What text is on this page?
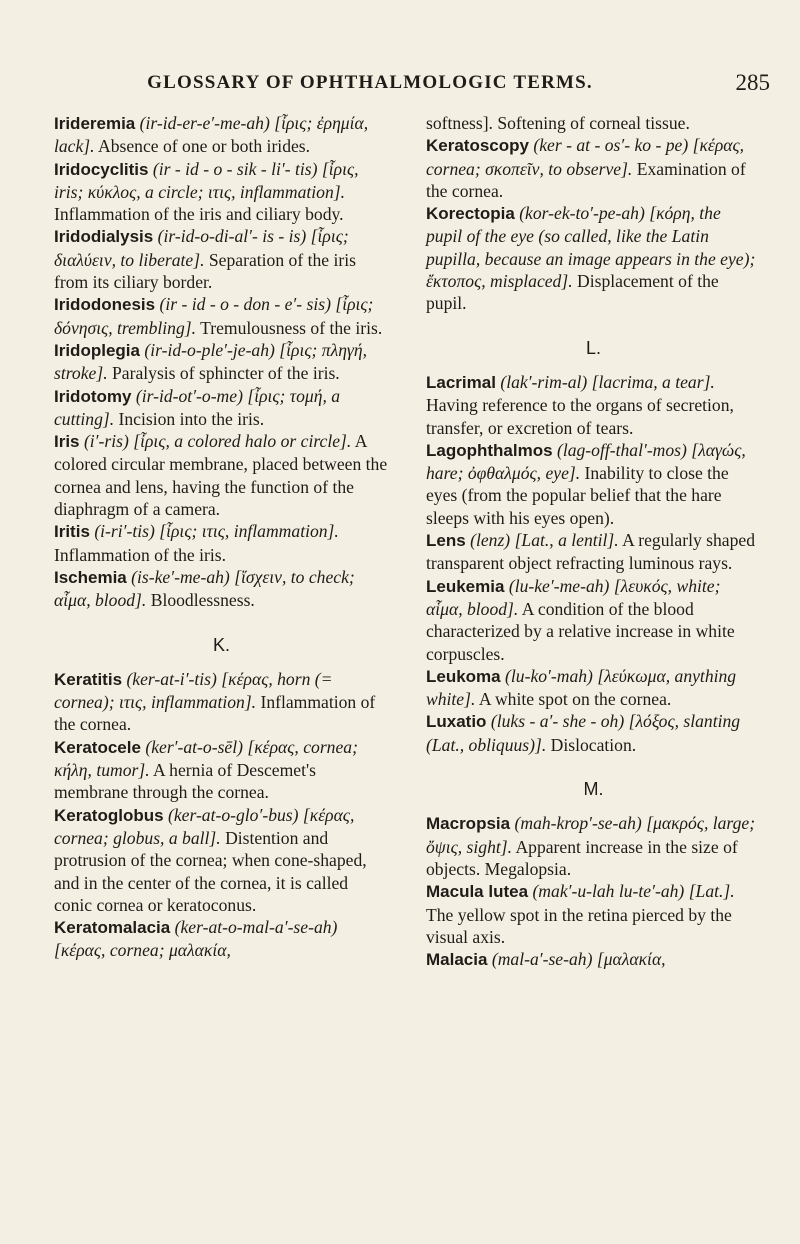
GLOSSARY OF OPHTHALMOLOGIC TERMS.	285

Irideremia (ir-id-er-e′-me-ah) [ἶρις; ἐρημία, lack]. Absence of one or both irides.

Iridocyclitis (ir - id - o - sik - li′- tis) [ἶρις, iris; κύκλος, a circle; ιτις, inflammation]. Inflammation of the iris and ciliary body.

Iridodialysis (ir-id-o-di-al′- is - is) [ἶρις; διαλύειν, to liberate]. Separation of the iris from its ciliary border.

Iridodonesis (ir - id - o - don - e′- sis) [ἶρις; δόνησις, trembling]. Tremulousness of the iris.

Iridoplegia (ir-id-o-ple′-je-ah) [ἶρις; πληγή, stroke]. Paralysis of sphincter of the iris.

Iridotomy (ir-id-ot′-o-me) [ἶρις; τομή, a cutting]. Incision into the iris.

Iris (i′-ris) [ἶρις, a colored halo or circle]. A colored circular membrane, placed between the cornea and lens, having the function of the diaphragm of a camera.

Iritis (i-ri′-tis) [ἶρις; ιτις, inflammation]. Inflammation of the iris.

Ischemia (is-ke′-me-ah) [ἴσχειν, to check; αἷμα, blood]. Bloodlessness.

K.

Keratitis (ker-at-i′-tis) [κέρας, horn (= cornea); ιτις, inflammation]. Inflammation of the cornea.

Keratocele (ker′-at-o-sēl) [κέρας, cornea; κήλη, tumor]. A hernia of Descemet's membrane through the cornea.

Keratoglobus (ker-at-o-glo′-bus) [κέρας, cornea; globus, a ball]. Distention and protrusion of the cornea; when cone-shaped, and in the center of the cornea, it is called conic cornea or keratoconus.

Keratomalacia (ker-at-o-mal-a′-se-ah) [κέρας, cornea; μαλακία,

softness]. Softening of corneal tissue.

Keratoscopy (ker - at - os′- ko - pe) [κέρας, cornea; σκοπεῖν, to observe]. Examination of the cornea.

Korectopia (kor-ek-to′-pe-ah) [κόρη, the pupil of the eye (so called, like the Latin pupilla, because an image appears in the eye); ἔκτοπος, misplaced]. Displacement of the pupil.

L.

Lacrimal (lak′-rim-al) [lacrima, a tear]. Having reference to the organs of secretion, transfer, or excretion of tears.

Lagophthalmos (lag-off-thal′-mos) [λαγώς, hare; ὀφθαλμός, eye]. Inability to close the eyes (from the popular belief that the hare sleeps with his eyes open).

Lens (lenz) [Lat., a lentil]. A regularly shaped transparent object refracting luminous rays.

Leukemia (lu-ke′-me-ah) [λευκός, white; αἷμα, blood]. A condition of the blood characterized by a relative increase in white corpuscles.

Leukoma (lu-ko′-mah) [λεύκωμα, anything white]. A white spot on the cornea.

Luxatio (luks - a′- she - oh) [λόξος, slanting (Lat., obliquus)]. Dislocation.

M.

Macropsia (mah-krop′-se-ah) [μακρός, large; ὄψις, sight]. Apparent increase in the size of objects. Megalopsia.

Macula lutea (mak′-u-lah lu-te′-ah) [Lat.]. The yellow spot in the retina pierced by the visual axis.

Malacia (mal-a′-se-ah) [μαλακία,
